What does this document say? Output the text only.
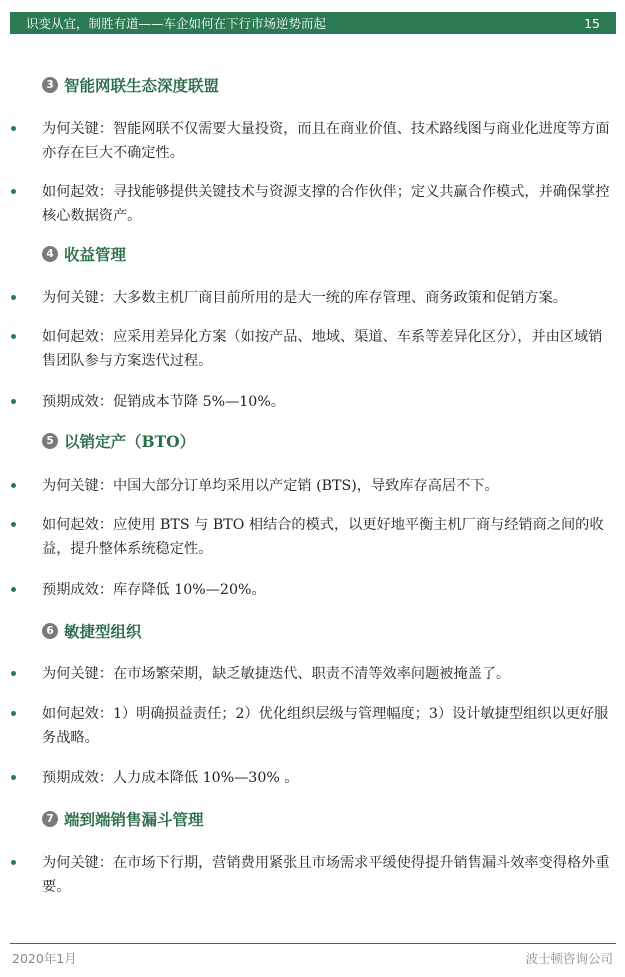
识变从宜，制胜有道——车企如何在下行市场逆势而起	15
3 智能网联生态深度联盟
为何关键：智能网联不仅需要大量投资，而且在商业价值、技术路线图与商业化进度等方面亦存在巨大不确定性。
如何起效：寻找能够提供关键技术与资源支撑的合作伙伴；定义共赢合作模式，并确保掌控核心数据资产。
4 收益管理
为何关键：大多数主机厂商目前所用的是大一统的库存管理、商务政策和促销方案。
如何起效：应采用差异化方案（如按产品、地域、渠道、车系等差异化区分），并由区域销售团队参与方案迭代过程。
预期成效：促销成本节降 5%—10%。
5 以销定产（BTO）
为何关键：中国大部分订单均采用以产定销 (BTS)，导致库存高居不下。
如何起效：应使用 BTS 与 BTO 相结合的模式，以更好地平衡主机厂商与经销商之间的收益，提升整体系统稳定性。
预期成效：库存降低 10%—20%。
6 敏捷型组织
为何关键：在市场繁荣期，缺乏敏捷迭代、职责不清等效率问题被掩盖了。
如何起效：1）明确损益责任；2）优化组织层级与管理幅度；3）设计敏捷型组织以更好服务战略。
预期成效：人力成本降低 10%—30% 。
7 端到端销售漏斗管理
为何关键：在市场下行期，营销费用紧张且市场需求平缓使得提升销售漏斗效率变得格外重要。
2020年1月	波士顿咨询公司
